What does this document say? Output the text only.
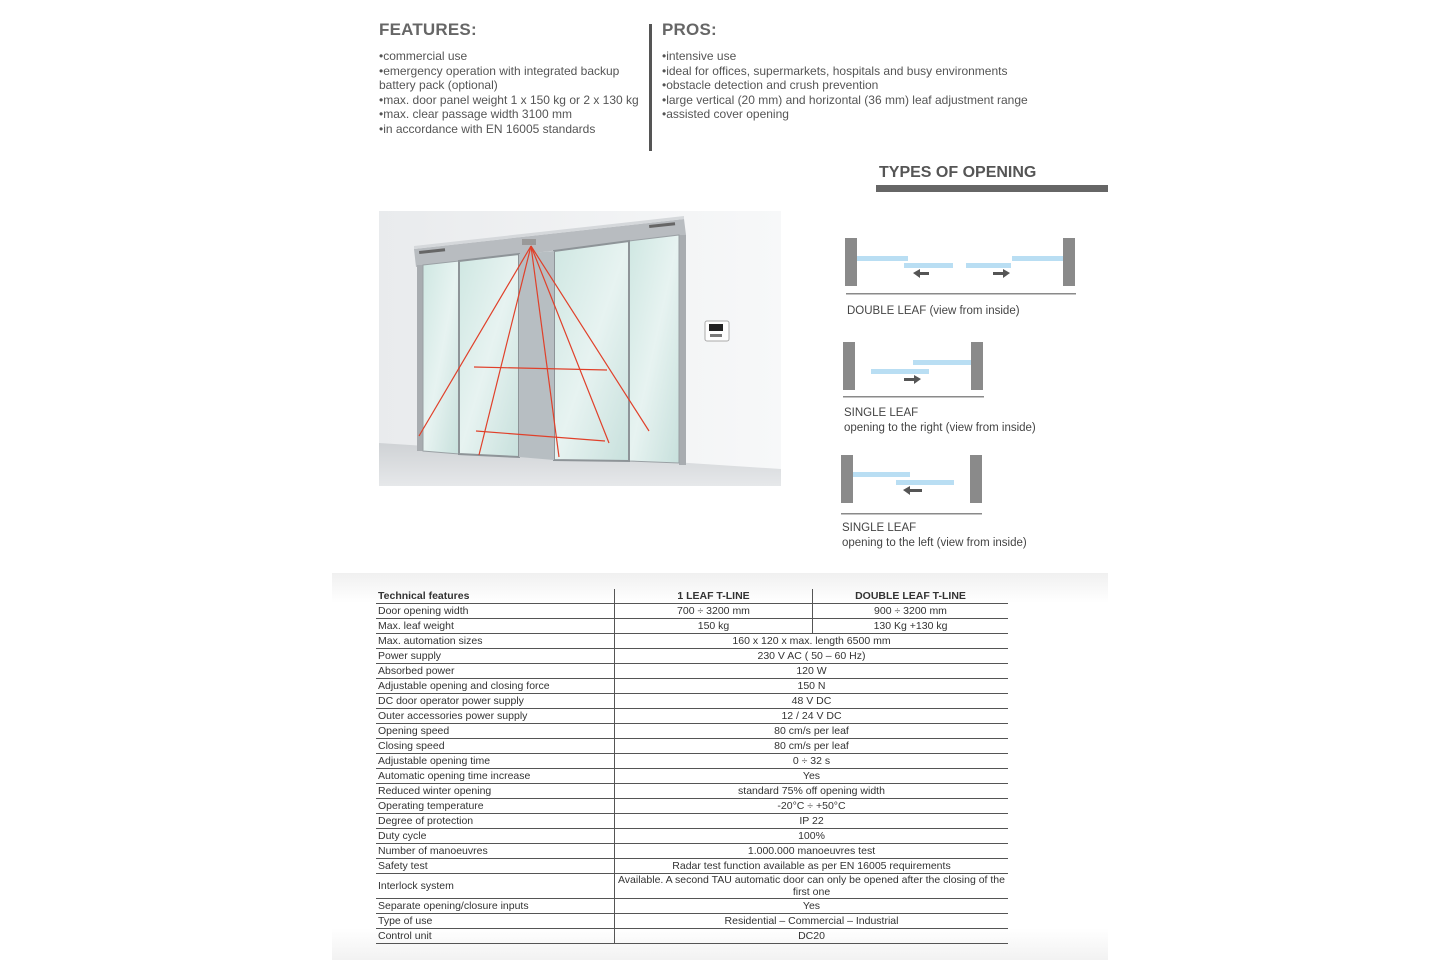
FEATURES:
• commercial use
• emergency operation with integrated backup battery pack (optional)
• max. door panel weight 1 x 150 kg or 2 x 130 kg
• max. clear passage width 3100 mm
• in accordance with EN 16005 standards
PROS:
• intensive use
• ideal for offices, supermarkets, hospitals and busy environments
• obstacle detection and crush prevention
• large vertical (20 mm) and horizontal (36 mm) leaf adjustment range
• assisted cover opening
TYPES OF OPENING
DOUBLE LEAF (view from inside)
SINGLE LEAF
opening to the right (view from inside)
SINGLE LEAF
opening to the left (view from inside)
Technical features	1 LEAF T-LINE	DOUBLE LEAF T-LINE
Door opening width	700 ÷ 3200 mm	900 ÷ 3200 mm
Max. leaf weight	150 kg	130 Kg +130 kg
Max. automation sizes	160 x 120 x max. length 6500 mm	
Power supply	230 V AC ( 50 – 60 Hz)	
Absorbed power	120 W	
Adjustable opening and closing force	150 N	
DC door operator power supply	48 V DC	
Outer accessories power supply	12 / 24 V DC	
Opening speed	80 cm/s per leaf	
Closing speed	80 cm/s per leaf	
Adjustable opening time	0 ÷ 32 s	
Automatic opening time increase	Yes	
Reduced winter opening	standard 75% off opening width	
Operating temperature	-20°C ÷ +50°C	
Degree of protection	IP 22	
Duty cycle	100%	
Number of manoeuvres	1.000.000 manoeuvres test	
Safety test	Radar test function available as per EN 16005 requirements	
Interlock system	Available. A second TAU automatic door can only be opened after the closing of the first one	
Separate opening/closure inputs	Yes	
Type of use	Residential – Commercial – Industrial	
Control unit	DC20	
